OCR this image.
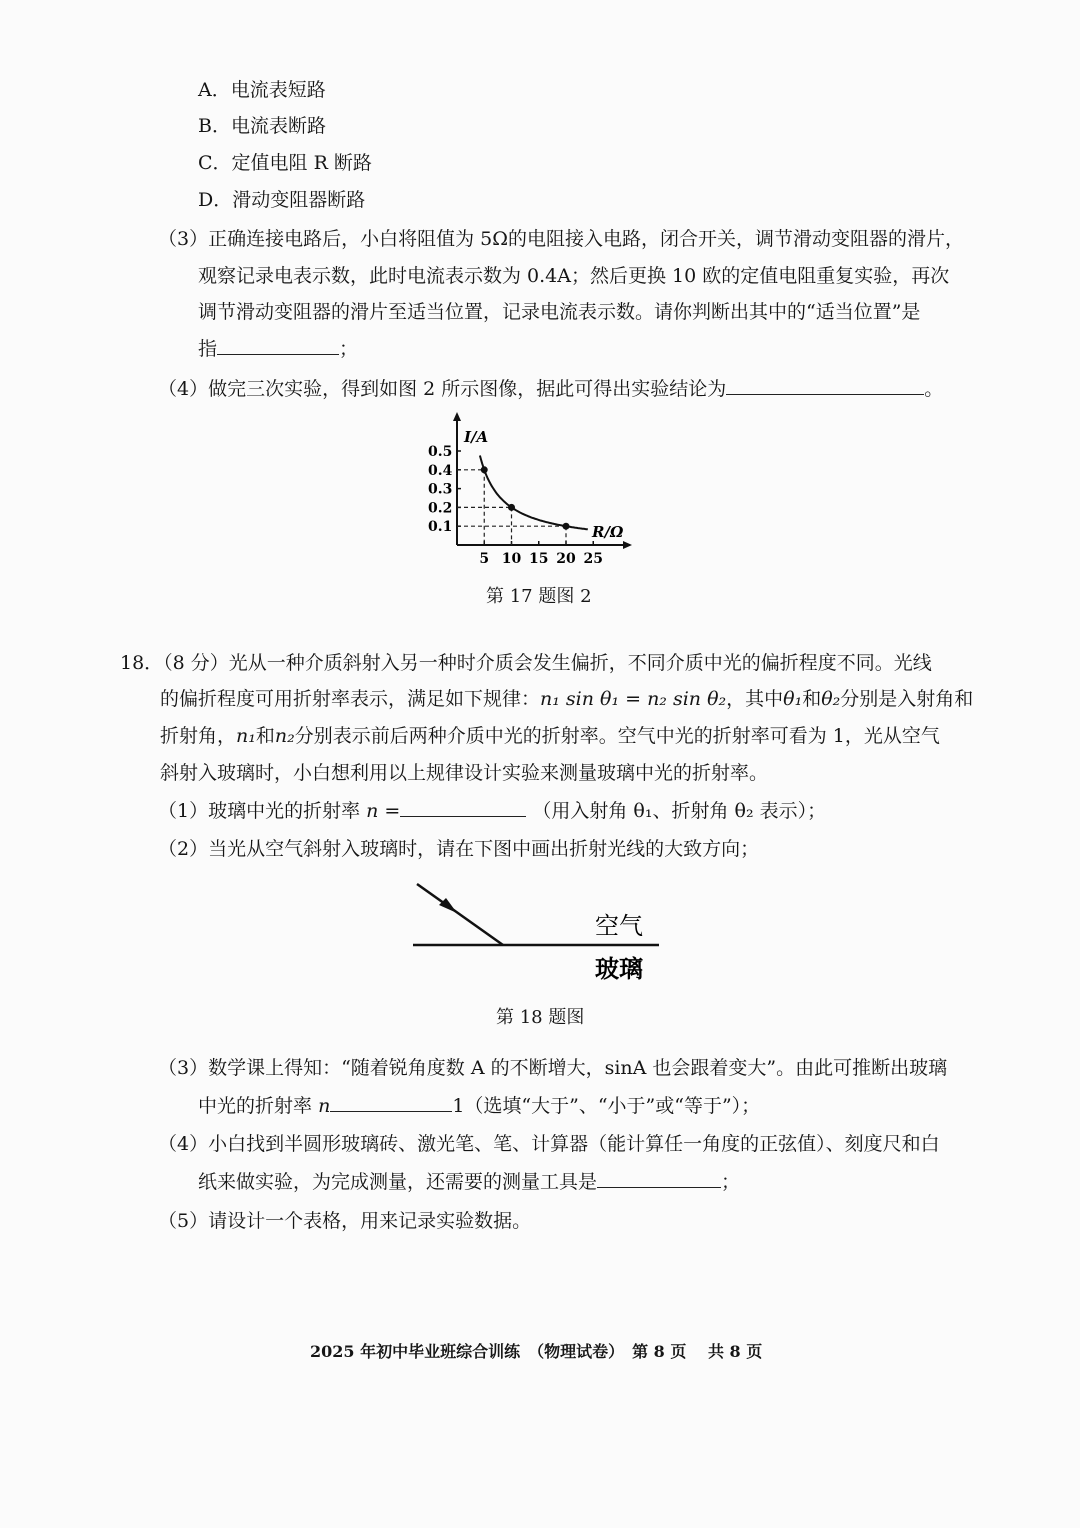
A．电流表短路
B．电流表断路
C．定值电阻 R 断路
D．滑动变阻器断路
（3）正确连接电路后，小白将阻值为 5Ω的电阻接入电路，闭合开关，调节滑动变阻器的滑片，
观察记录电表示数，此时电流表示数为 0.4A；然后更换 10 欧的定值电阻重复实验，再次
调节滑动变阻器的滑片至适当位置，记录电流表示数。请你判断出其中的“适当位置”是
指	；
（4）做完三次实验，得到如图 2 所示图像，据此可得出实验结论为	。
I/A
R/Ω
0.1
0.2
0.3
0.4
0.5
5 10 15 20 25
第 17 题图 2
18．（8 分）光从一种介质斜射入另一种时介质会发生偏折，不同介质中光的偏折程度不同。光线
的偏折程度可用折射率表示，满足如下规律：n₁ sin θ₁ = n₂ sin θ₂，其中θ₁和θ₂分别是入射角和
折射角，n₁和n₂分别表示前后两种介质中光的折射率。空气中光的折射率可看为 1，光从空气
斜射入玻璃时，小白想利用以上规律设计实验来测量玻璃中光的折射率。
（1）玻璃中光的折射率 n =	（用入射角 θ₁、折射角 θ₂ 表示）；
（2）当光从空气斜射入玻璃时，请在下图中画出折射光线的大致方向；
空气
玻璃
第 18 题图
（3）数学课上得知：“随着锐角度数 A 的不断增大，sinA 也会跟着变大”。由此可推断出玻璃
中光的折射率 n	1（选填“大于”、“小于”或“等于”）；
（4）小白找到半圆形玻璃砖、激光笔、笔、计算器（能计算任一角度的正弦值）、刻度尺和白
纸来做实验，为完成测量，还需要的测量工具是	；
（5）请设计一个表格，用来记录实验数据。
2025 年初中毕业班综合训练　（物理试卷）　第 8 页　 共 8 页
